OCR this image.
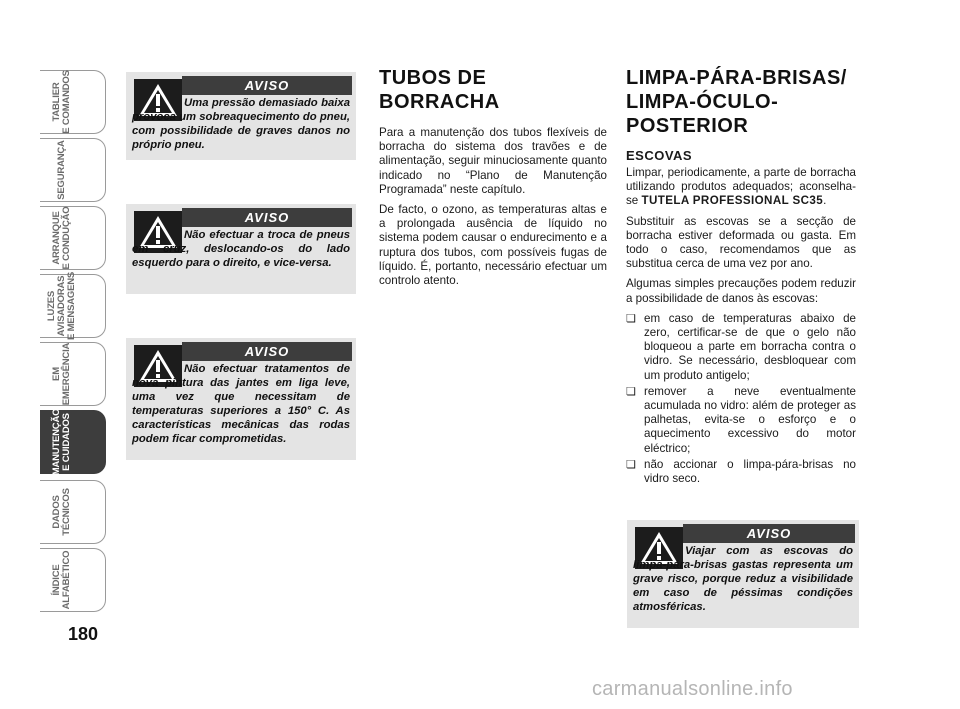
TABLIER
E COMANDOS
SEGURANÇA
ARRANQUE
E CONDUÇÃO
LUZES
AVISADORAS
E MENSAGENS
EM
EMERGÊNCIA
MANUTENÇÃO
E CUIDADOS
DADOS
TÉCNICOS
ÍNDICE
ALFABÉTICO
180
AVISO
Uma pressão demasiado baixa provoca um sobreaquecimento do pneu, com possibilidade de graves danos no próprio pneu.
AVISO
Não efectuar a troca de pneus em cruz, deslocando-os do lado esquerdo para o direito, e vice-versa.
AVISO
Não efectuar tratamentos de nova pintura das jantes em liga leve, uma vez que necessitam de temperaturas superiores a 150° C. As características mecânicas das rodas podem ficar comprometidas.
TUBOS DE BORRACHA

Para a manutenção dos tubos flexíveis de borracha do sistema dos travões e de alimentação, seguir minuciosamente quanto indicado no “Plano de Manutenção Programada” neste capítulo.

De facto, o ozono, as temperaturas altas e a prolongada ausência de líquido no sistema podem causar o endurecimento e a ruptura dos tubos, com possíveis fugas de líquido. É, portanto, necessário efectuar um controlo atento.

LIMPA-PÁRA-BRISAS/ LIMPA-ÓCULO-POSTERIOR
ESCOVAS

Limpar, periodicamente, a parte de borracha utilizando produtos adequados; aconselha-se TUTELA PROFESSIONAL SC35.

Substituir as escovas se a secção de borracha estiver deformada ou gasta. Em todo o caso, recomendamos que as substitua cerca de uma vez por ano.

Algumas simples precauções podem reduzir a possibilidade de danos às escovas:

❏ em caso de temperaturas abaixo de zero, certificar-se de que o gelo não bloqueou a parte em borracha contra o vidro. Se necessário, desbloquear com um produto antigelo;
❏ remover a neve eventualmente acumulada no vidro: além de proteger as palhetas, evita-se o esforço e o aquecimento excessivo do motor eléctrico;
❏ não accionar o limpa-pára-brisas no vidro seco.
AVISO
Viajar com as escovas do limpa-pára-brisas gastas representa um grave risco, porque reduz a visibilidade em caso de péssimas condições atmosféricas.
carmanualsonline.info
